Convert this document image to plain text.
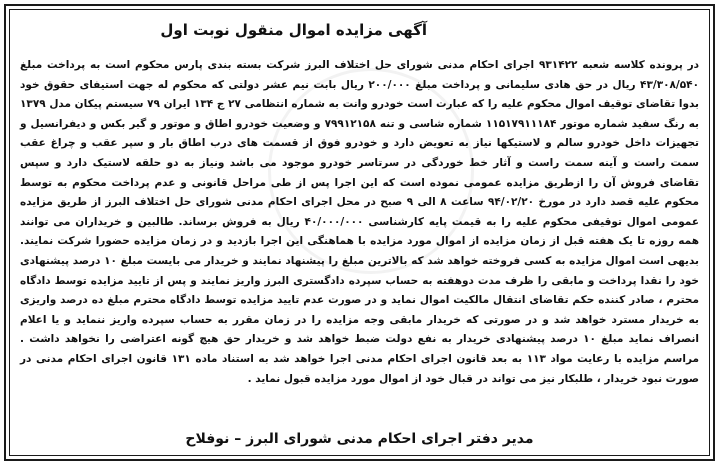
آگهی مزایده اموال منقول نوبت اول

در پرونده کلاسه شعبه ۹۳۱۴۲۲ اجرای احکام مدنی شورای حل اختلاف البرز شرکت بسته بندی پارس محکوم است به پرداخت مبلغ ۴۳/۳۰۸/۵۴۰ ریال در حق هادی سلیمانی و پرداخت مبلغ ۲۰۰/۰۰۰ ریال بابت نیم عشر دولتی که محکوم له جهت استیفای حقوق خود بدوا تقاضای توقیف اموال محکوم علیه را که عبارت است خودرو وانت به شماره انتظامی ۲۷ ج ۱۳۴ ایران ۷۹ سیستم پیکان مدل ۱۳۷۹ به رنگ سفید شماره موتور ۱۱۵۱۷۹۱۱۱۸۴ شماره شاسی و تنه ۷۹۹۱۲۱۵۸ و وضعیت خودرو اطاق و موتور و گیر بکس و دیفرانسیل و تجهیزات داخل خودرو سالم و لاستیکها نیاز به تعویض دارد و خودرو فوق از قسمت های درب اطاق بار و سپر عقب و چراغ عقب سمت راست و آینه سمت راست و آثار خط خوردگی در سرتاسر خودرو موجود می باشد ونیاز به دو حلقه لاستیک دارد و سپس تقاضای فروش آن را ازطریق مزایده عمومی نموده است که این اجرا پس از طی مراحل قانونی و عدم پرداخت محکوم به توسط محکوم علیه قصد دارد در مورخ ۹۴/۰۲/۲۰ ساعت ۸ الی ۹ صبح در محل اجرای احکام مدنی شورای حل اختلاف البرز از طریق مزایده عمومی اموال توقیفی محکوم علیه را به قیمت پایه کارشناسی ۴۰/۰۰۰/۰۰۰ ریال به فروش برساند. طالبین و خریداران می توانند همه روزه تا یک هفته قبل از زمان مزایده از اموال مورد مزایده با هماهنگی این اجرا بازدید و در زمان مزایده حضورا شرکت نمایند. بدیهی است اموال مزایده به کسی فروخته خواهد شد که بالاترین مبلغ را پیشنهاد نمایند و خریدار می بایست مبلغ ۱۰ درصد پیشنهادی خود را نقدا پرداخت و مابقی را ظرف مدت دوهفته به حساب سپرده دادگستری البرز واریز نمایند و پس از تایید مزایده توسط دادگاه محترم ، صادر کننده حکم تقاضای انتقال مالکیت اموال نماید و در صورت عدم تایید مزایده توسط دادگاه محترم مبلغ ده درصد واریزی به خریدار مسترد خواهد شد و در صورتی که خریدار مابقی وجه مزایده را در زمان مقرر به حساب سپرده واریز ننماید و یا اعلام انصراف نماید مبلغ ۱۰ درصد پیشنهادی خریدار به نفع دولت ضبط خواهد شد و خریدار حق هیچ گونه اعتراضی را نخواهد داشت . مراسم مزایده با رعایت مواد ۱۱۳ به بعد قانون اجرای احکام مدنی اجرا خواهد شد به استناد ماده ۱۳۱ قانون اجرای احکام مدنی در صورت نبود خریدار ، طلبکار نیز می تواند در قبال خود از اموال مورد مزایده قبول نماید .

مدیر دفتر اجرای احکام مدنی شورای البرز – نوفلاح
